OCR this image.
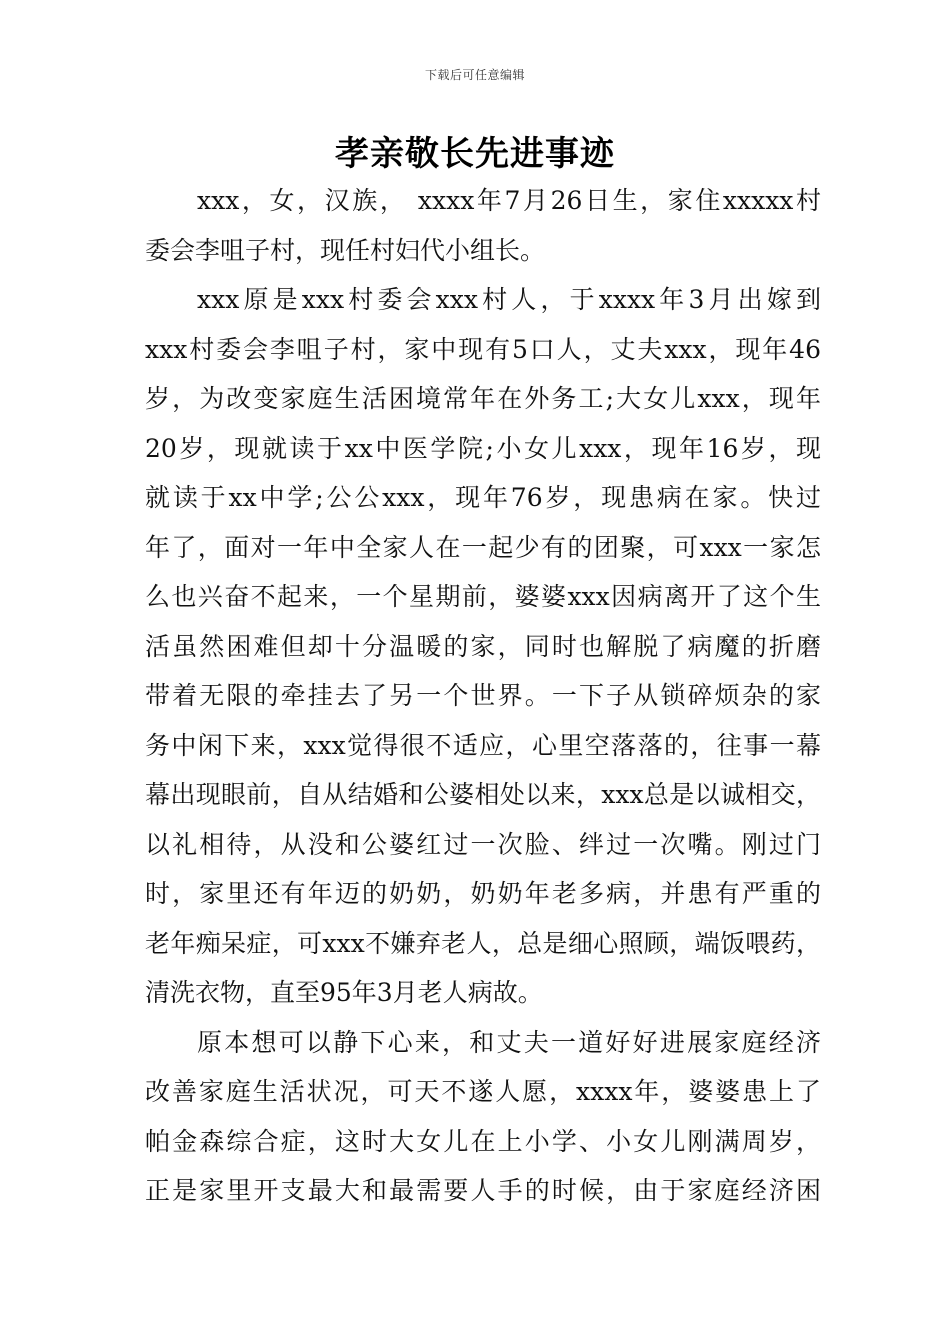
下载后可任意编辑
孝亲敬长先进事迹
xxx，女，汉族， xxxx年7月26日生，家住xxxxx村
委会李咀子村，现任村妇代小组长。
xxx原是xxx村委会xxx村人，于xxxx年3月出嫁到
xxx村委会李咀子村，家中现有5口人，丈夫xxx，现年46
岁，为改变家庭生活困境常年在外务工;大女儿xxx，现年
20岁，现就读于xx中医学院;小女儿xxx，现年16岁，现
就读于xx中学;公公xxx，现年76岁，现患病在家。快过
年了，面对一年中全家人在一起少有的团聚，可xxx一家怎
么也兴奋不起来，一个星期前，婆婆xxx因病离开了这个生
活虽然困难但却十分温暖的家，同时也解脱了病魔的折磨
带着无限的牵挂去了另一个世界。一下子从锁碎烦杂的家
务中闲下来，xxx觉得很不适应，心里空落落的，往事一幕
幕出现眼前，自从结婚和公婆相处以来，xxx总是以诚相交，
以礼相待，从没和公婆红过一次脸、绊过一次嘴。刚过门
时，家里还有年迈的奶奶，奶奶年老多病，并患有严重的
老年痴呆症，可xxx不嫌弃老人，总是细心照顾，端饭喂药，
清洗衣物，直至95年3月老人病故。
原本想可以静下心来，和丈夫一道好好进展家庭经济
改善家庭生活状况，可天不遂人愿，xxxx年，婆婆患上了
帕金森综合症，这时大女儿在上小学、小女儿刚满周岁，
正是家里开支最大和最需要人手的时候，由于家庭经济困
